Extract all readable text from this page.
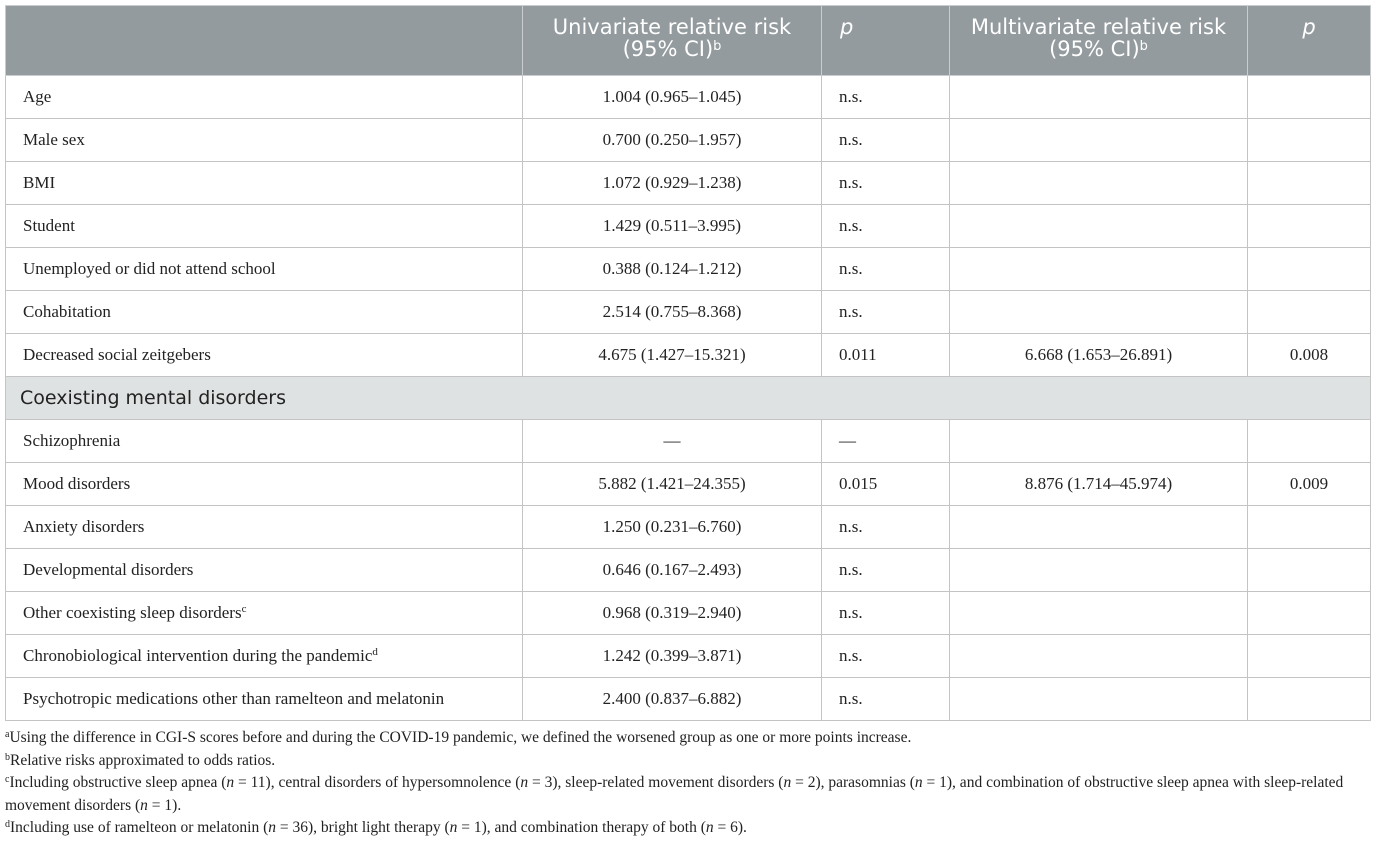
	Univariate relative risk (95% CI)$^b$	p	Multivariate relative risk (95% CI)$^b$	p
Age	1.004 (0.965–1.045)	n.s.		
Male sex	0.700 (0.250–1.957)	n.s.		
BMI	1.072 (0.929–1.238)	n.s.		
Student	1.429 (0.511–3.995)	n.s.		
Unemployed or did not attend school	0.388 (0.124–1.212)	n.s.		
Cohabitation	2.514 (0.755–8.368)	n.s.		
Decreased social zeitgebers	4.675 (1.427–15.321)	0.011	6.668 (1.653–26.891)	0.008
Coexisting mental disorders				
Schizophrenia	—	—		
Mood disorders	5.882 (1.421–24.355)	0.015	8.876 (1.714–45.974)	0.009
Anxiety disorders	1.250 (0.231–6.760)	n.s.		
Developmental disorders	0.646 (0.167–2.493)	n.s.		
Other coexisting sleep disorders$^c$	0.968 (0.319–2.940)	n.s.		
Chronobiological intervention during the pandemic$^d$	1.242 (0.399–3.871)	n.s.		
Psychotropic medications other than ramelteon and melatonin	2.400 (0.837–6.882)	n.s.		

$^a$Using the difference in CGI-S scores before and during the COVID-19 pandemic, we defined the worsened group as one or more points increase.

$^b$Relative risks approximated to odds ratios.

$^c$Including obstructive sleep apnea (n = 11), central disorders of hypersomnolence (n = 3), sleep-related movement disorders (n = 2), parasomnias (n = 1), and combination of obstructive sleep apnea with sleep-related movement disorders (n = 1).

$^d$Including use of ramelteon or melatonin (n = 36), bright light therapy (n = 1), and combination therapy of both (n = 6).
